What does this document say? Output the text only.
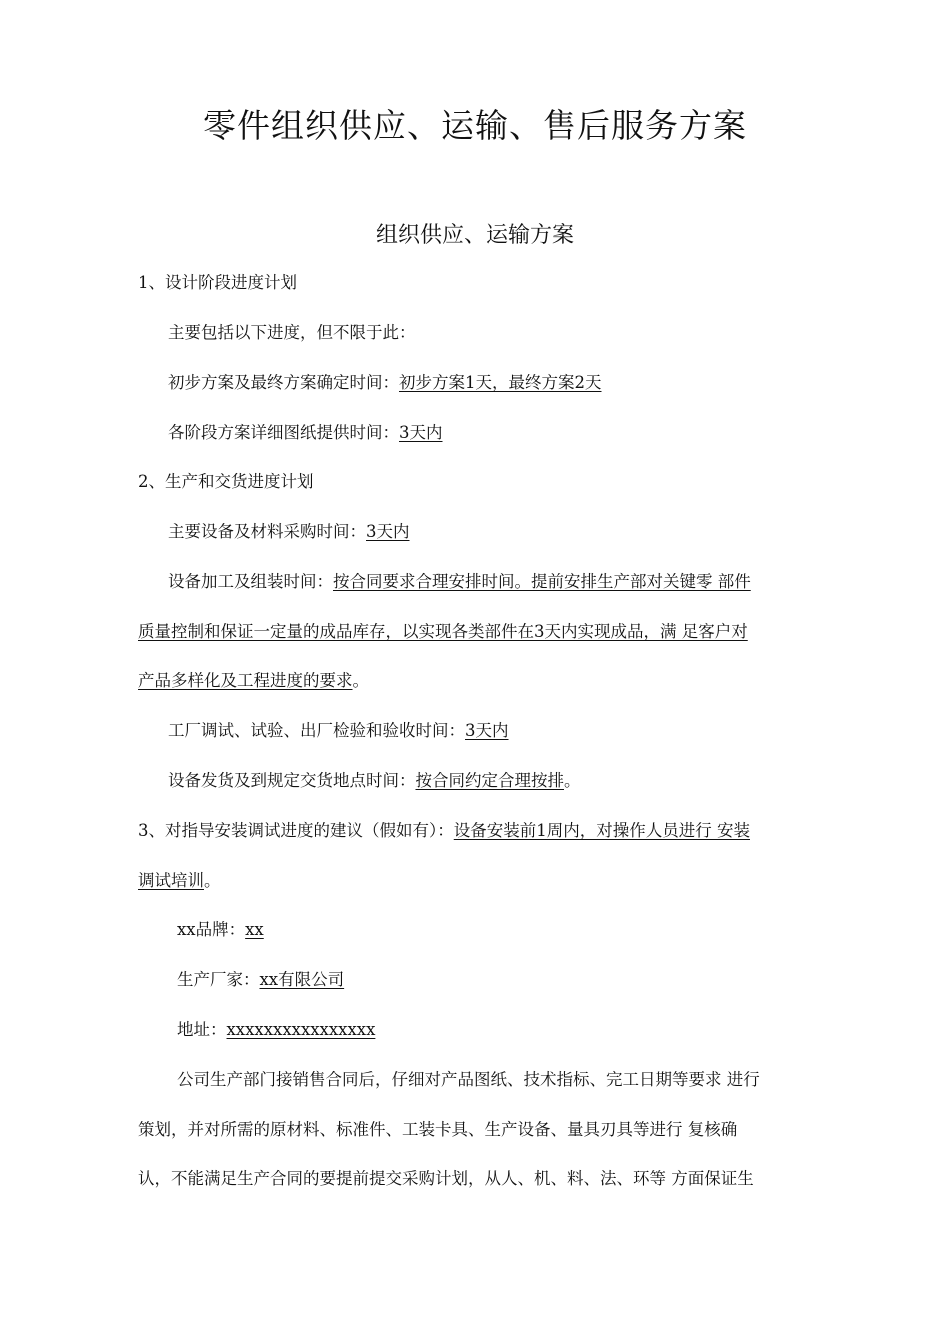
零件组织供应、运输、售后服务方案
组织供应、运输方案
1、设计阶段进度计划
主要包括以下进度，但不限于此：
初步方案及最终方案确定时间：初步方案1天，最终方案2天
各阶段方案详细图纸提供时间：3天内
2、生产和交货进度计划
主要设备及材料采购时间：3天内
设备加工及组装时间：按合同要求合理安排时间。提前安排生产部对关键零 部件
质量控制和保证一定量的成品库存，以实现各类部件在3天内实现成品，满 足客户对
产品多样化及工程进度的要求。
工厂调试、试验、出厂检验和验收时间：3天内
设备发货及到规定交货地点时间：按合同约定合理按排。
3、对指导安装调试进度的建议（假如有）：设备安装前1周内，对操作人员进行 安装
调试培训。
xx品牌：xx
生产厂家：xx有限公司
地址：xxxxxxxxxxxxxxxx
公司生产部门接销售合同后，仔细对产品图纸、技术指标、完工日期等要求 进行
策划，并对所需的原材料、标准件、工装卡具、生产设备、量具刃具等进行 复核确
认，不能满足生产合同的要提前提交采购计划，从人、机、料、法、环等 方面保证生
